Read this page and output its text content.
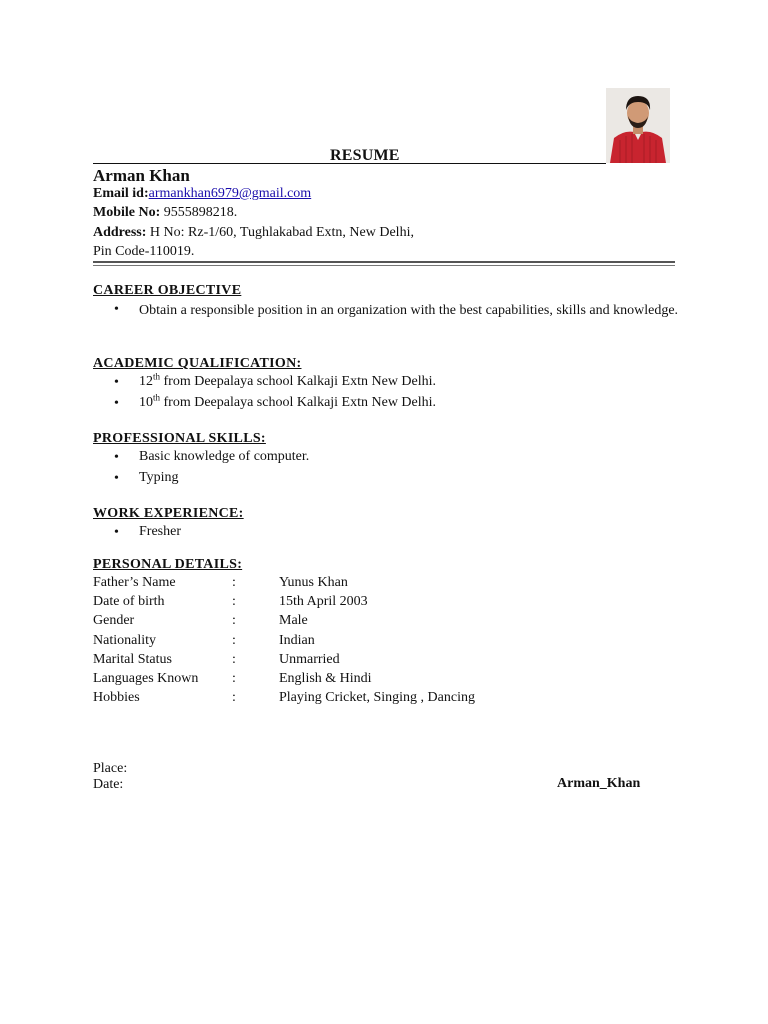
RESUME
Arman Khan
Email id:armankhan6979@gmail.com
Mobile No: 9555898218.
Address: H No: Rz-1/60, Tughlakabad Extn, New Delhi,
Pin Code-110019.
CAREER OBJECTIVE
• Obtain a responsible position in an organization with the best capabilities, skills and knowledge.
ACADEMIC QUALIFICATION:
• 12th from Deepalaya school Kalkaji Extn New Delhi.
• 10th from Deepalaya school Kalkaji Extn New Delhi.
PROFESSIONAL SKILLS:
• Basic knowledge of computer.
• Typing
WORK EXPERIENCE:
• Fresher
PERSONAL DETAILS:
Father’s Name	:	Yunus Khan
Date of birth	:	15th April 2003
Gender	:	Male
Nationality	:	Indian
Marital Status	:	Unmarried
Languages Known :	English & Hindi
Hobbies	:	Playing Cricket, Singing , Dancing
Place:
Date:	Arman_Khan
